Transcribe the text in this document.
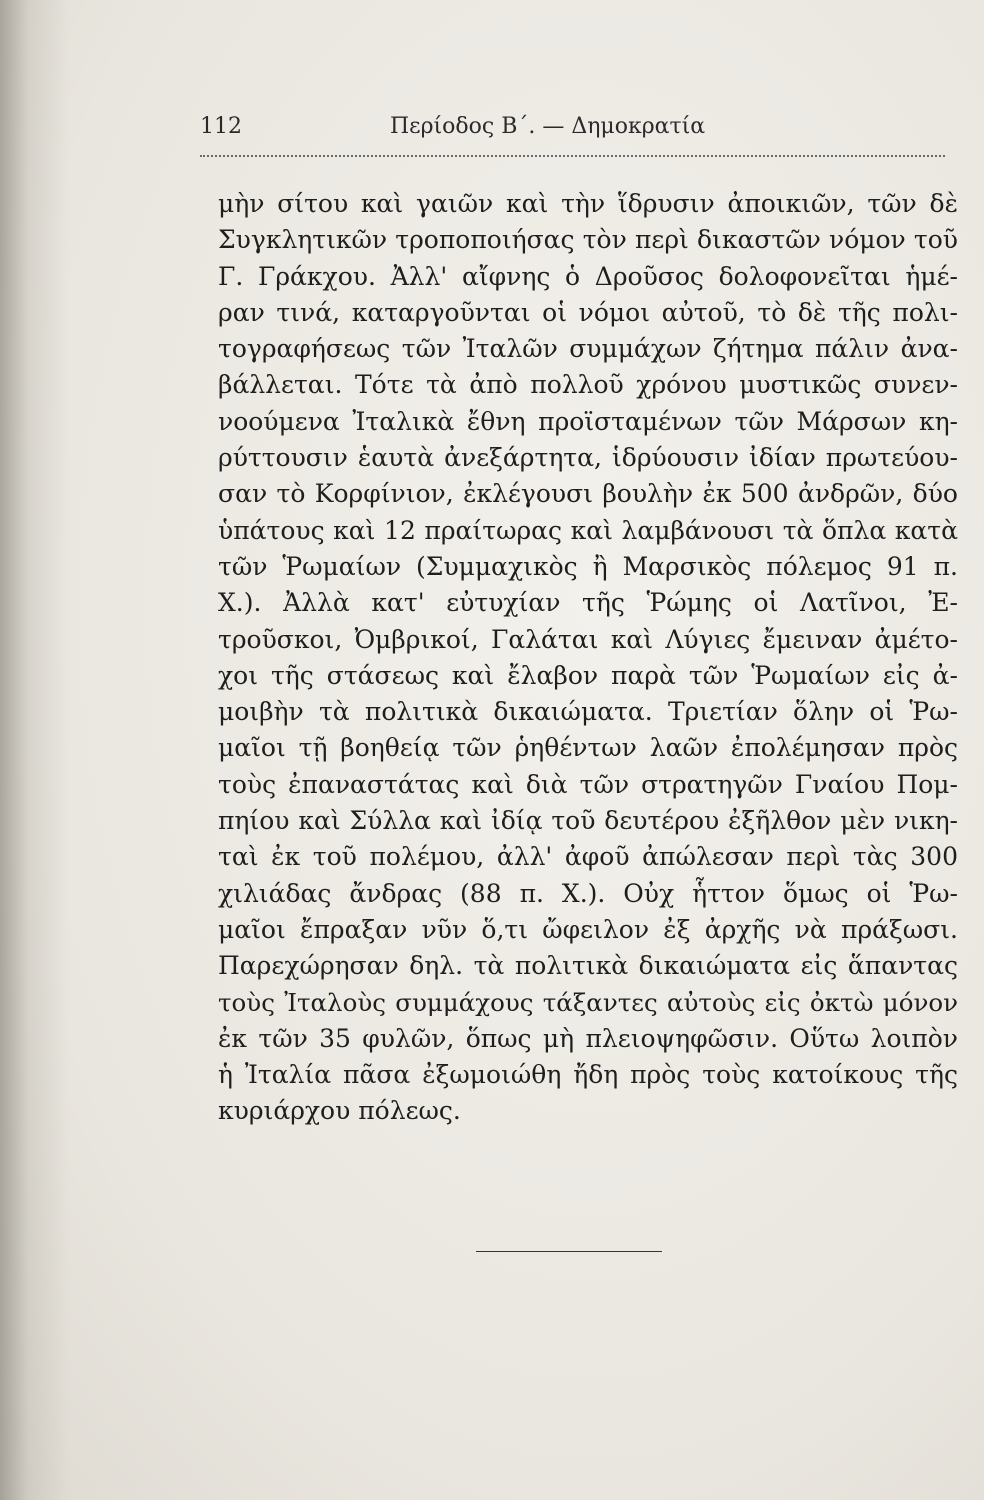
112	Περίοδος Β΄. — Δημοκρατία
μὴν σίτου καὶ γαιῶν καὶ τὴν ἵδρυσιν ἀποικιῶν, τῶν δὲ
Συγκλητικῶν τροποποιήσας τὸν περὶ δικαστῶν νόμον τοῦ
Γ. Γράκχου. Ἀλλ' αἴφνης ὁ Δροῦσος δολοφονεῖται ἡμέ-
ραν τινά, καταργοῦνται οἱ νόμοι αὐτοῦ, τὸ δὲ τῆς πολι-
τογραφήσεως τῶν Ἰταλῶν συμμάχων ζήτημα πάλιν ἀνα-
βάλλεται. Τότε τὰ ἀπὸ πολλοῦ χρόνου μυστικῶς συνεν-
νοούμενα Ἰταλικὰ ἔθνη προϊσταμένων τῶν Μάρσων κη-
ρύττουσιν ἑαυτὰ ἀνεξάρτητα, ἱδρύουσιν ἰδίαν πρωτεύου-
σαν τὸ Κορφίνιον, ἐκλέγουσι βουλὴν ἐκ 500 ἀνδρῶν, δύο
ὑπάτους καὶ 12 πραίτωρας καὶ λαμβάνουσι τὰ ὅπλα κατὰ
τῶν Ῥωμαίων (Συμμαχικὸς ἢ Μαρσικὸς πόλεμος 91 π.
Χ.). Ἀλλὰ κατ' εὐτυχίαν τῆς Ῥώμης οἱ Λατῖνοι, Ἐ-
τροῦσκοι, Ὀμβρικοί, Γαλάται καὶ Λύγιες ἔμειναν ἀμέτο-
χοι τῆς στάσεως καὶ ἔλαβον παρὰ τῶν Ῥωμαίων εἰς ἀ-
μοιβὴν τὰ πολιτικὰ δικαιώματα. Τριετίαν ὅλην οἱ Ῥω-
μαῖοι τῇ βοηθείᾳ τῶν ῥηθέντων λαῶν ἐπολέμησαν πρὸς
τοὺς ἐπαναστάτας καὶ διὰ τῶν στρατηγῶν Γναίου Πομ-
πηίου καὶ Σύλλα καὶ ἰδίᾳ τοῦ δευτέρου ἐξῆλθον μὲν νικη-
ταὶ ἐκ τοῦ πολέμου, ἀλλ' ἀφοῦ ἀπώλεσαν περὶ τὰς 300
χιλιάδας ἄνδρας (88 π. Χ.). Οὐχ ἧττον ὅμως οἱ Ῥω-
μαῖοι ἔπραξαν νῦν ὅ,τι ὤφειλον ἐξ ἀρχῆς νὰ πράξωσι.
Παρεχώρησαν δηλ. τὰ πολιτικὰ δικαιώματα εἰς ἅπαντας
τοὺς Ἰταλοὺς συμμάχους τάξαντες αὐτοὺς εἰς ὀκτὼ μόνον
ἐκ τῶν 35 φυλῶν, ὅπως μὴ πλειοψηφῶσιν. Οὕτω λοιπὸν
ἡ Ἰταλία πᾶσα ἐξωμοιώθη ἤδη πρὸς τοὺς κατοίκους τῆς
κυριάρχου πόλεως.
